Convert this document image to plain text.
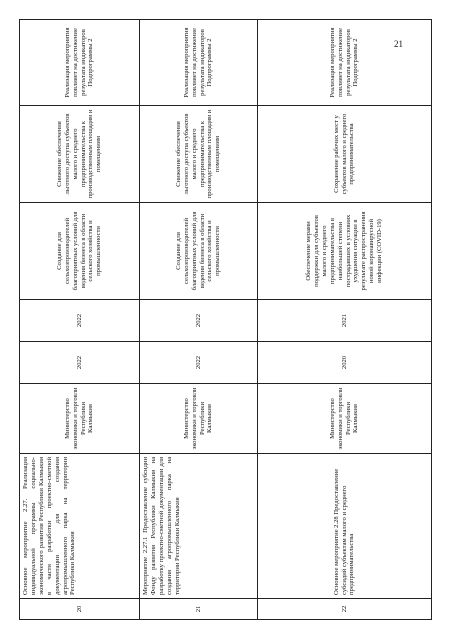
21
20	Основное мероприятие 2.27. Реализация индивидуальной программы социально-экономического развития Республики Калмыкия в части разработки проектно-сметной документации для создания агропромышленного парка на территории Республики Калмыкия	Министерство экономики и торговли Республики Калмыкия	2022	2022	Создание для сельхозпроизводителей благоприятных условий для ведения бизнеса в области сельского хозяйства и промышленности	Снижение обеспечения льготного доступа субъектов малого и среднего предпринимательства к производственным площадям и помещениям	Реализация мероприятия повлияет на достижение результата индикаторов Подпрограммы 2
21	Мероприятие 2.27.1 Предоставление субсидии Фонду развития Республики Калмыкия на разработку проектно-сметной документации для создания агропромышленного парка на территории Республики Калмыкия	Министерство экономики и торговли Республики Калмыкия	2022	2022	Создание для сельхозпроизводителей благоприятных условий для ведения бизнеса в области сельского хозяйства и промышленности	Снижение обеспечения льготного доступа субъектов малого и среднего предпринимательства к производственным площадям и помещениям	Реализация мероприятия повлияет на достижение результата индикаторов Подпрограммы 2
22	Основное мероприятие 2.28 Предоставление субсидий субъектам малого и среднего предпринимательства	Министерство экономики и торговли Республики Калмыкия	2020	2021	Обеспечение мерами поддержки для субъектов малого и среднего предпринимательства в наибольшей степени пострадавших в условиях ухудшения ситуации в результате распространения новой коронавирусной инфекции (COVID-19)	Сохранение рабочих мест у субъектов малого и среднего предпринимательства	Реализация мероприятия повлияет на достижение результата индикаторов Подпрограммы 2
